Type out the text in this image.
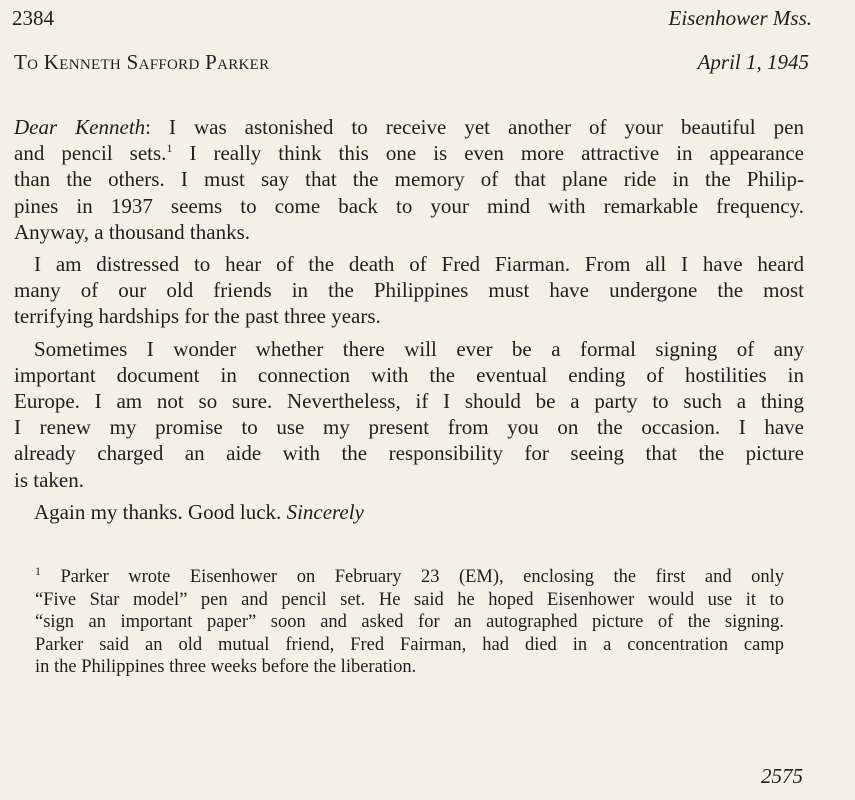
2384	Eisenhower Mss.
To Kenneth Safford Parker	April 1, 1945
Dear Kenneth: I was astonished to receive yet another of your beautiful pen
and pencil sets.$^1$ I really think this one is even more attractive in appearance
than the others. I must say that the memory of that plane ride in the Philip-
pines in 1937 seems to come back to your mind with remarkable frequency.
Anyway, a thousand thanks.
I am distressed to hear of the death of Fred Fiarman. From all I have heard
many of our old friends in the Philippines must have undergone the most
terrifying hardships for the past three years.
Sometimes I wonder whether there will ever be a formal signing of any
important document in connection with the eventual ending of hostilities in
Europe. I am not so sure. Nevertheless, if I should be a party to such a thing
I renew my promise to use my present from you on the occasion. I have
already charged an aide with the responsibility for seeing that the picture
is taken.
Again my thanks. Good luck. Sincerely
$^1$ Parker wrote Eisenhower on February 23 (EM), enclosing the first and only
“Five Star model” pen and pencil set. He said he hoped Eisenhower would use it to
“sign an important paper” soon and asked for an autographed picture of the signing.
Parker said an old mutual friend, Fred Fairman, had died in a concentration camp
in the Philippines three weeks before the liberation.
2575
